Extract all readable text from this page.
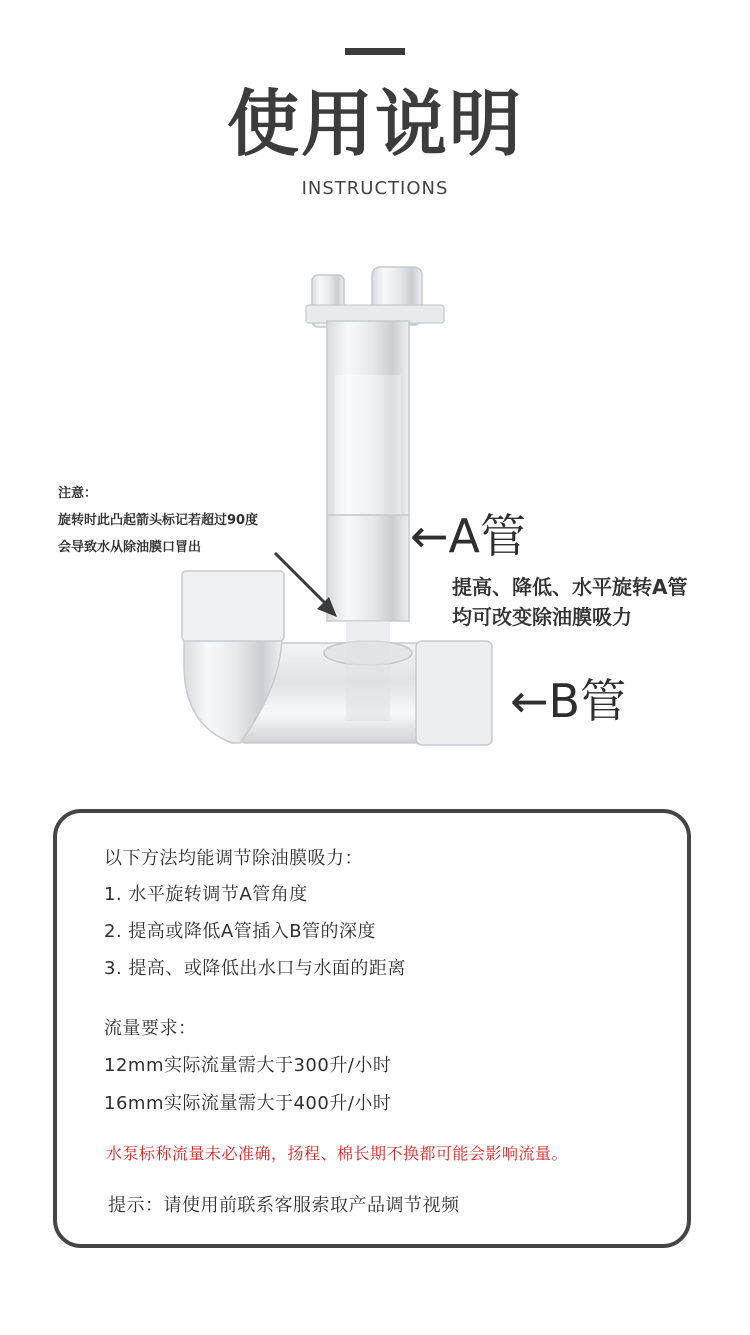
使用说明
INSTRUCTIONS
注意：
旋转时此凸起箭头标记若超过90度
会导致水从除油膜口冒出	←A管
提高、降低、水平旋转A管
均可改变除油膜吸力
←B管
以下方法均能调节除油膜吸力：
1. 水平旋转调节A管角度
2. 提高或降低A管插入B管的深度
3. 提高、或降低出水口与水面的距离
流量要求：
12mm实际流量需大于300升/小时
16mm实际流量需大于400升/小时
水泵标称流量未必准确，扬程、棉长期不换都可能会影响流量。
提示：请使用前联系客服索取产品调节视频
